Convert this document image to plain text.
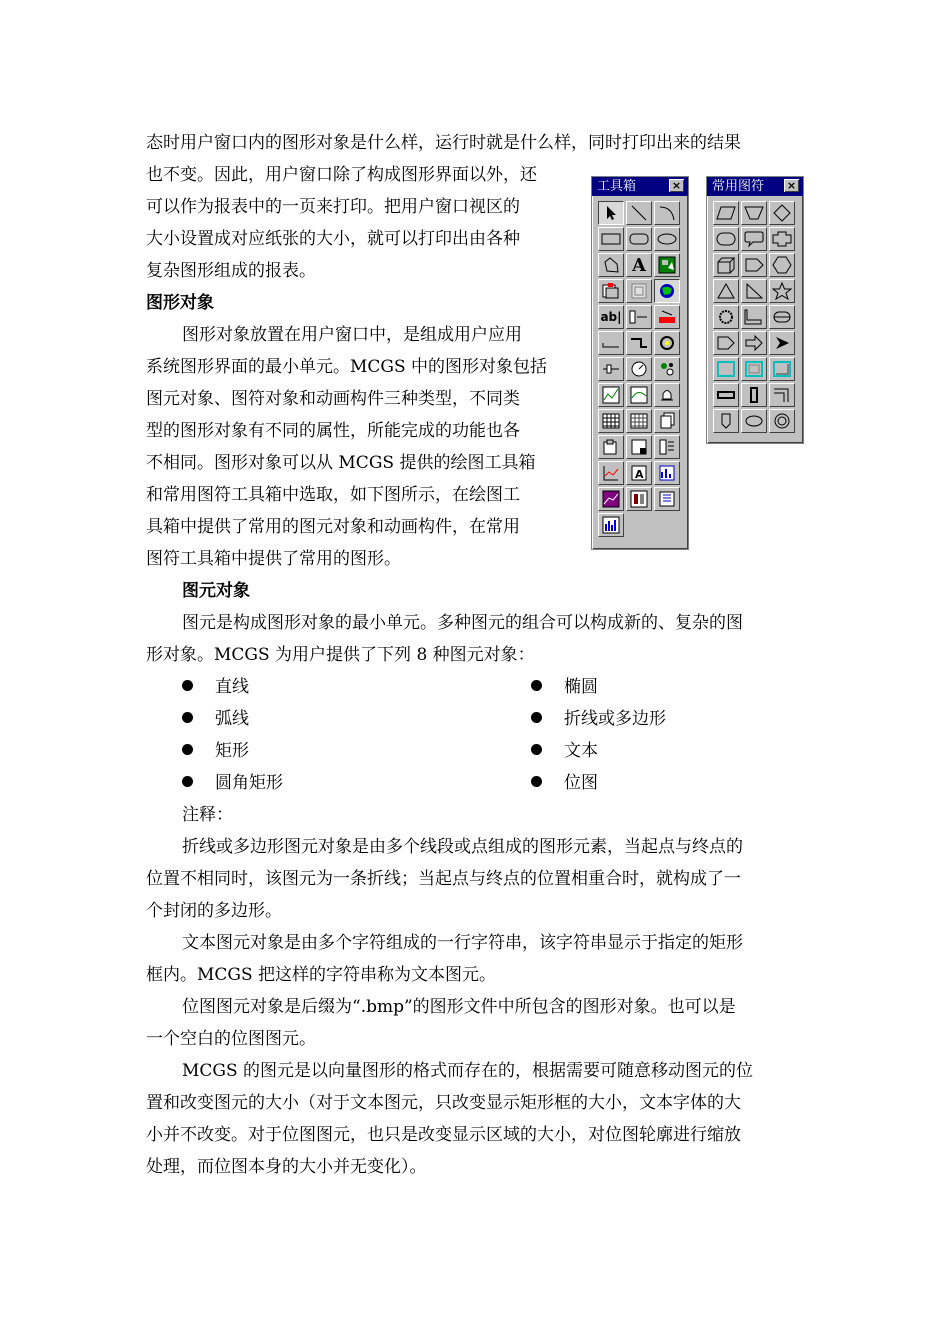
态时用户窗口内的图形对象是什么样，运行时就是什么样，同时打印出来的结果
也不变。因此，用户窗口除了构成图形界面以外，还
可以作为报表中的一页来打印。把用户窗口视区的
大小设置成对应纸张的大小，就可以打印出由各种
复杂图形组成的报表。
图形对象
图形对象放置在用户窗口中，是组成用户应用
系统图形界面的最小单元。MCGS 中的图形对象包括
图元对象、图符对象和动画构件三种类型，不同类
型的图形对象有不同的属性，所能完成的功能也各
不相同。图形对象可以从 MCGS 提供的绘图工具箱
和常用图符工具箱中选取，如下图所示，在绘图工
具箱中提供了常用的图元对象和动画构件，在常用
图符工具箱中提供了常用的图形。
图元对象
图元是构成图形对象的最小单元。多种图元的组合可以构成新的、复杂的图
形对象。MCGS 为用户提供了下列 8 种图元对象：
直线
弧线
矩形
圆角矩形
椭圆
折线或多边形
文本
位图
注释：
折线或多边形图元对象是由多个线段或点组成的图形元素，当起点与终点的
位置不相同时，该图元为一条折线；当起点与终点的位置相重合时，就构成了一
个封闭的多边形。
文本图元对象是由多个字符组成的一行字符串，该字符串显示于指定的矩形
框内。MCGS 把这样的字符串称为文本图元。
位图图元对象是后缀为“.bmp”的图形文件中所包含的图形对象。也可以是
一个空白的位图图元。
MCGS 的图元是以向量图形的格式而存在的，根据需要可随意移动图元的位
置和改变图元的大小（对于文本图元，只改变显示矩形框的大小，文本字体的大
小并不改变。对于位图图元，也只是改变显示区域的大小，对位图轮廓进行缩放
处理，而位图本身的大小并无变化）。
工具箱	×
A
ab|
A
常用图符 ×
